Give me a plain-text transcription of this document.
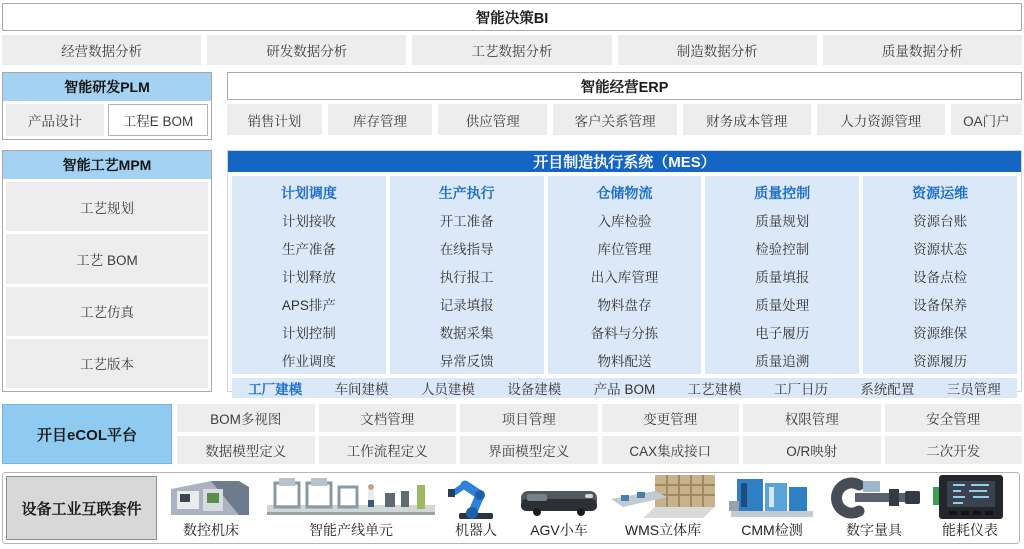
智能决策BI
经营数据分析	研发数据分析	工艺数据分析	制造数据分析	质量数据分析
智能研发PLM
产品设计	工程E BOM
智能经营ERP
销售计划	库存管理	供应管理	客户关系管理	财务成本管理	人力资源管理	OA门户
智能工艺MPM
工艺规划
工艺 BOM
工艺仿真
工艺版本
开目制造执行系统（MES）
计划调度
计划接收
生产准备
计划释放
APS排产
计划控制
作业调度
生产执行
开工准备
在线指导
执行报工
记录填报
数据采集
异常反馈
仓储物流
入库检验
库位管理
出入库管理
物料盘存
备料与分拣
物料配送
质量控制
质量规划
检验控制
质量填报
质量处理
电子履历
质量追溯
资源运维
资源台账
资源状态
设备点检
设备保养
资源维保
资源履历
工厂建模 车间建模 人员建模 设备建模 产品 BOM 工艺建模 工厂日历 系统配置 三员管理
开目eCOL平台
BOM多视图	文档管理	项目管理	变更管理	权限管理	安全管理
数据模型定义	工作流程定义	界面模型定义	CAX集成接口	O/R映射	二次开发
设备工业互联套件
数控机床	智能产线单元	机器人 AGV小车	WMS立体库	CMM检测	数字量具	能耗仪表
